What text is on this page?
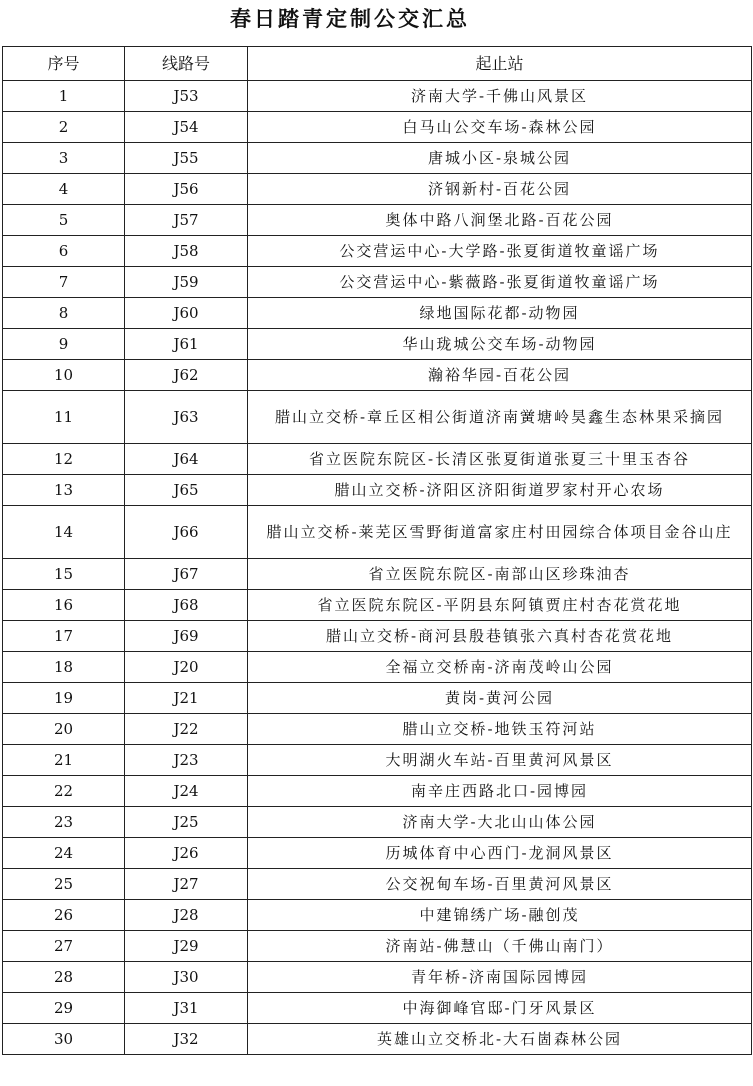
春日踏青定制公交汇总
序号	线路号	起止站
1	J53	济南大学-千佛山风景区
2	J54	白马山公交车场-森林公园
3	J55	唐城小区-泉城公园
4	J56	济钢新村-百花公园
5	J57	奥体中路八涧堡北路-百花公园
6	J58	公交营运中心-大学路-张夏街道牧童谣广场
7	J59	公交营运中心-紫薇路-张夏街道牧童谣广场
8	J60	绿地国际花都-动物园
9	J61	华山珑城公交车场-动物园
10	J62	瀚裕华园-百花公园
11	J63	腊山立交桥-章丘区相公街道济南黉塘岭昊鑫生态林果采摘园
12	J64	省立医院东院区-长清区张夏街道张夏三十里玉杏谷
13	J65	腊山立交桥-济阳区济阳街道罗家村开心农场
14	J66	腊山立交桥-莱芜区雪野街道富家庄村田园综合体项目金谷山庄
15	J67	省立医院东院区-南部山区珍珠油杏
16	J68	省立医院东院区-平阴县东阿镇贾庄村杏花赏花地
17	J69	腊山立交桥-商河县殷巷镇张六真村杏花赏花地
18	J20	全福立交桥南-济南茂岭山公园
19	J21	黄岗-黄河公园
20	J22	腊山立交桥-地铁玉符河站
21	J23	大明湖火车站-百里黄河风景区
22	J24	南辛庄西路北口-园博园
23	J25	济南大学-大北山山体公园
24	J26	历城体育中心西门-龙洞风景区
25	J27	公交祝甸车场-百里黄河风景区
26	J28	中建锦绣广场-融创茂
27	J29	济南站-佛慧山（千佛山南门）
28	J30	青年桥-济南国际园博园
29	J31	中海御峰官邸-门牙风景区
30	J32	英雄山立交桥北-大石崮森林公园
